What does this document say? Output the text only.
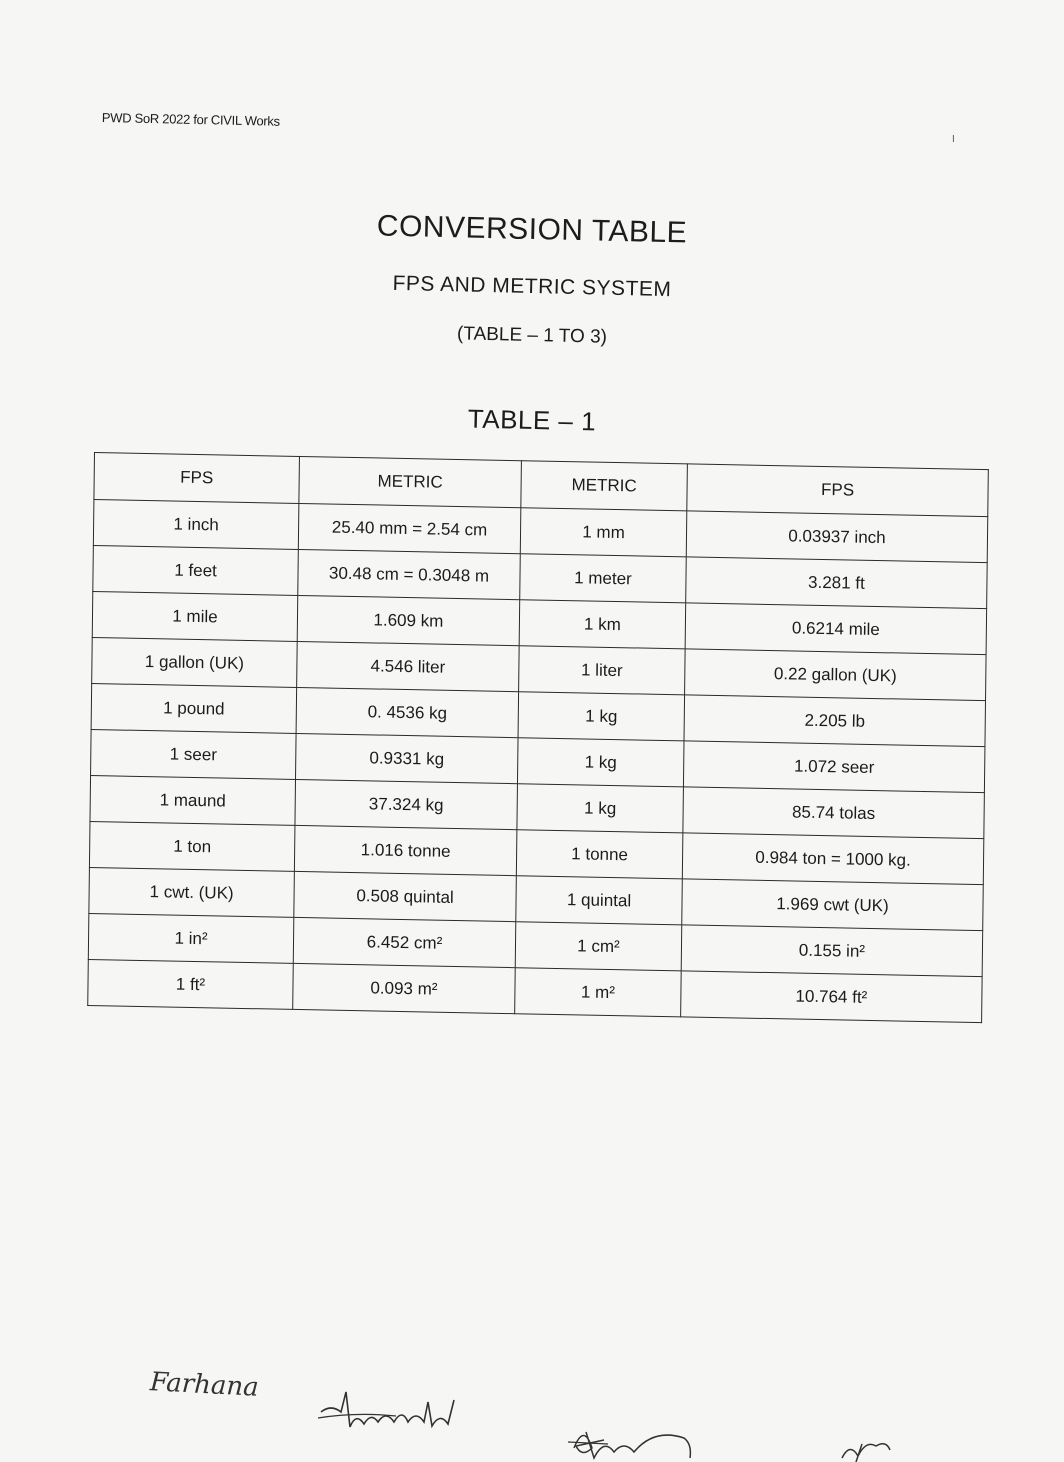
PWD SoR 2022 for CIVIL Works
I
CONVERSION TABLE
FPS AND METRIC SYSTEM
(TABLE – 1 TO 3)
TABLE – 1
FPS	METRIC	METRIC	FPS
1 inch	25.40 mm = 2.54 cm	1 mm	0.03937 inch
1 feet	30.48 cm = 0.3048 m	1 meter	3.281 ft
1 mile	1.609 km	1 km	0.6214 mile
1 gallon (UK)	4.546 liter	1 liter	0.22 gallon (UK)
1 pound	0. 4536 kg	1 kg	2.205 lb
1 seer	0.9331 kg	1 kg	1.072 seer
1 maund	37.324 kg	1 kg	85.74 tolas
1 ton	1.016 tonne	1 tonne	0.984 ton = 1000 kg.
1 cwt. (UK)	0.508 quintal	1 quintal	1.969 cwt (UK)
1 in²	6.452 cm²	1 cm²	0.155 in²
1 ft²	0.093 m²	1 m²	10.764 ft²
Farhana
